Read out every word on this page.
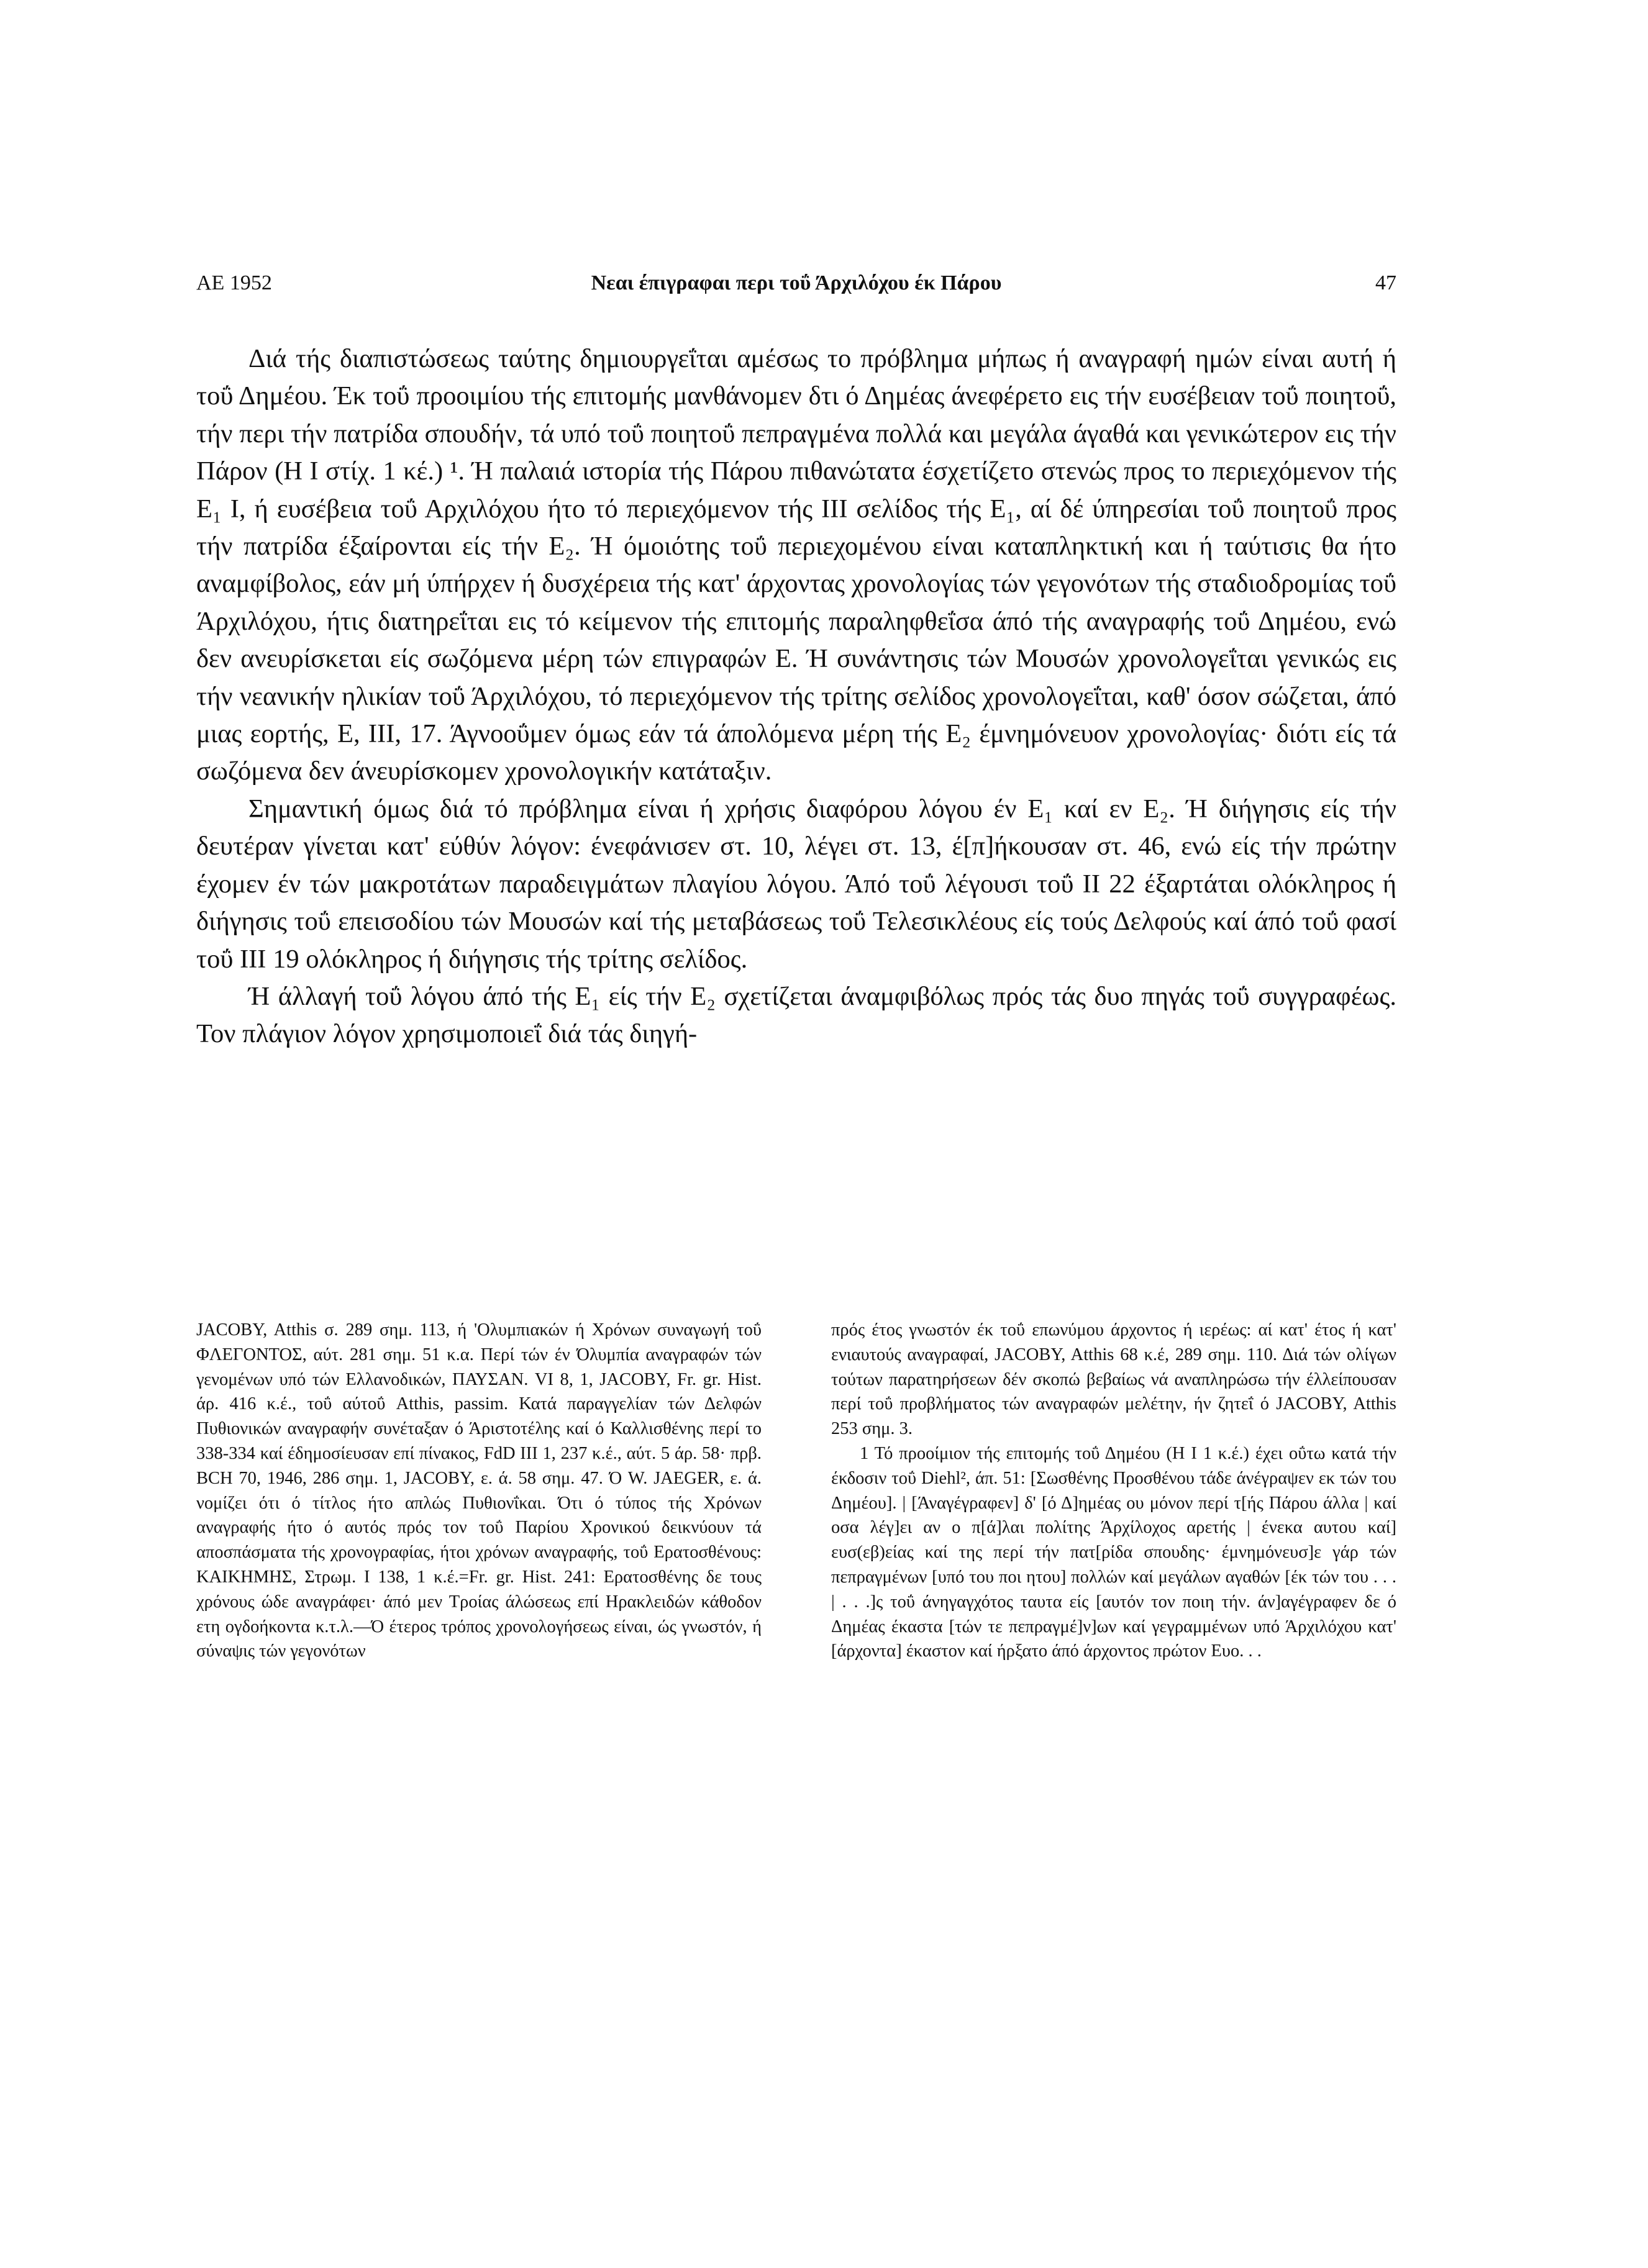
ΑΕ 1952	Νεαι έπιγραφαι περι τοΰ Άρχιλόχου έκ Πάρου	47

Διά τής διαπιστώσεως ταύτης δημιουργεΐται αμέσως το πρόβλημα μήπως ή αναγραφή ημών είναι αυτή ή τοΰ Δημέου. Έκ τοΰ προοιμίου τής επιτομής μανθάνομεν δτι ό Δημέας άνεφέρετο εις τήν ευσέβειαν τοΰ ποιητοΰ, τήν περι τήν πατρίδα σπουδήν, τά υπό τοΰ ποιητοΰ πεπραγμένα πολλά και μεγάλα άγαθά και γενικώτερον εις τήν Πάρον (Η Ι στίχ. 1 κέ.) ¹. Ή παλαιά ιστορία τής Πάρου πιθανώτατα έσχετίζετο στενώς προς το περιεχόμενον τής Ε₁ Ι, ή ευσέβεια τοΰ Αρχιλόχου ήτο τό περιεχόμενον τής ΙΙΙ σελίδος τής Ε₁, αί δέ ύπηρεσίαι τοΰ ποιητοΰ προς τήν πατρίδα έξαίρονται είς τήν Ε₂. Ή όμοιότης τοΰ περιεχομένου είναι καταπληκτική και ή ταύτισις θα ήτο αναμφίβολος, εάν μή ύπήρχεν ή δυσχέρεια τής κατ' άρχοντας χρονολογίας τών γεγονότων τής σταδιοδρομίας τοΰ Άρχιλόχου, ήτις διατηρεΐται εις τό κείμενον τής επιτομής παραληφθεΐσα άπό τής αναγραφής τοΰ Δημέου, ενώ δεν ανευρίσκεται είς σωζόμενα μέρη τών επιγραφών Ε. Ή συνάντησις τών Μουσών χρονολογεΐται γενικώς εις τήν νεανικήν ηλικίαν τοΰ Άρχιλόχου, τό περιεχόμενον τής τρίτης σελίδος χρονολογεΐται, καθ' όσον σώζεται, άπό μιας εορτής, Ε, ΙΙΙ, 17. Άγνοοΰμεν όμως εάν τά άπολόμενα μέρη τής Ε₂ έμνημόνευον χρονολογίας· διότι είς τά σωζόμενα δεν άνευρίσκομεν χρονολογικήν κατάταξιν.

Σημαντική όμως διά τό πρόβλημα είναι ή χρήσις διαφόρου λόγου έν Ε₁ καί εν Ε₂. Ή διήγησις είς τήν δευτέραν γίνεται κατ' εύθύν λόγον: ένεφάνισεν στ. 10, λέγει στ. 13, έ[π]ήκουσαν στ. 46, ενώ είς τήν πρώτην έχομεν έν τών μακροτάτων παραδειγμάτων πλαγίου λόγου. Άπό τοΰ λέγουσι τοΰ ΙΙ 22 έξαρτάται ολόκληρος ή διήγησις τοΰ επεισοδίου τών Μουσών καί τής μεταβάσεως τοΰ Τελεσικλέους είς τούς Δελφούς καί άπό τοΰ φασί τοΰ ΙΙΙ 19 ολόκληρος ή διήγησις τής τρίτης σελίδος.

Ή άλλαγή τοΰ λόγου άπό τής Ε₁ είς τήν Ε₂ σχετίζεται άναμφιβόλως πρός τάς δυο πηγάς τοΰ συγγραφέως. Τον πλάγιον λόγον χρησιμοποιεΐ διά τάς διηγή-

JACOBY, Atthis σ. 289 σημ. 113, ή 'Ολυμπιακών ή Χρόνων συναγωγή τοΰ ΦΛΕΓΟΝΤΟΣ, αύτ. 281 σημ. 51 κ.α. Περί τών έν Όλυμπία αναγραφών τών γενομένων υπό τών Ελλανοδικών, ΠΑΥΣΑΝ. VI 8, 1, JACOBY, Fr. gr. Hist. άρ. 416 κ.έ., τοΰ αύτοΰ Atthis, passim. Κατά παραγγελίαν τών Δελφών Πυθιονικών αναγραφήν συνέταξαν ό Άριστοτέλης καί ό Καλλισθένης περί το 338-334 καί έδημοσίευσαν επί πίνακος, FdD III 1, 237 κ.έ., αύτ. 5 άρ. 58· πρβ. BCH 70, 1946, 286 σημ. 1, JACOBY, ε. ά. 58 σημ. 47. Ό W. JAEGER, ε. ά. νομίζει ότι ό τίτλος ήτο απλώς Πυθιονΐκαι. Ότι ό τύπος τής Χρόνων αναγραφής ήτο ό αυτός πρός τον τοΰ Παρίου Χρονικού δεικνύουν τά αποσπάσματα τής χρονογραφίας, ήτοι χρόνων αναγραφής, τοΰ Ερατοσθένους: ΚΑΙΚΗΜΗΣ, Στρωμ. Ι 138, 1 κ.έ.=Fr. gr. Hist. 241: Ερατοσθένης δε τους χρόνους ώδε αναγράφει· άπό μεν Τροίας άλώσεως επί Ηρακλειδών κάθοδον ετη ογδοήκοντα κ.τ.λ.—Ό έτερος τρόπος χρονολογήσεως είναι, ώς γνωστόν, ή σύναψις τών γεγονότων

πρός έτος γνωστόν έκ τοΰ επωνύμου άρχοντος ή ιερέως: αί κατ' έτος ή κατ' ενιαυτούς αναγραφαί, JACOBY, Atthis 68 κ.έ, 289 σημ. 110. Διά τών ολίγων τούτων παρατηρήσεων δέν σκοπώ βεβαίως νά αναπληρώσω τήν έλλείπουσαν περί τοΰ προβλήματος τών αναγραφών μελέτην, ήν ζητεΐ ό JACOBY, Atthis 253 σημ. 3.

1 Τό προοίμιον τής επιτομής τοΰ Δημέου (Η Ι 1 κ.έ.) έχει οΰτω κατά τήν έκδοσιν τοΰ Diehl², άπ. 51: [Σωσθένης Προσθένου τάδε άνέγραψεν εκ τών του Δημέου]. | [Άναγέγραφεν] δ' [ό Δ]ημέας ου μόνον περί τ[ής Πάρου άλλα | καί οσα λέγ]ει αν ο π[ά]λαι πολίτης Άρχίλοχος αρετής | ένεκα αυτου καί] ευσ(εβ)είας καί της περί τήν πατ[ρίδα σπουδης· έμνημόνευσ]ε γάρ τών πεπραγμένων [υπό του ποι ητου] πολλών καί μεγάλων αγαθών [έκ τών του . . . | . . .]ς τοΰ άνηγαγχότος ταυτα είς [αυτόν τον ποιη τήν. άν]αγέγραφεν δε ό Δημέας έκαστα [τών τε πεπραγμέ]ν]ων καί γεγραμμένων υπό Άρχιλόχου κατ' [άρχοντα] έκαστον καί ήρξατο άπό άρχοντος πρώτον Ευο. . .
